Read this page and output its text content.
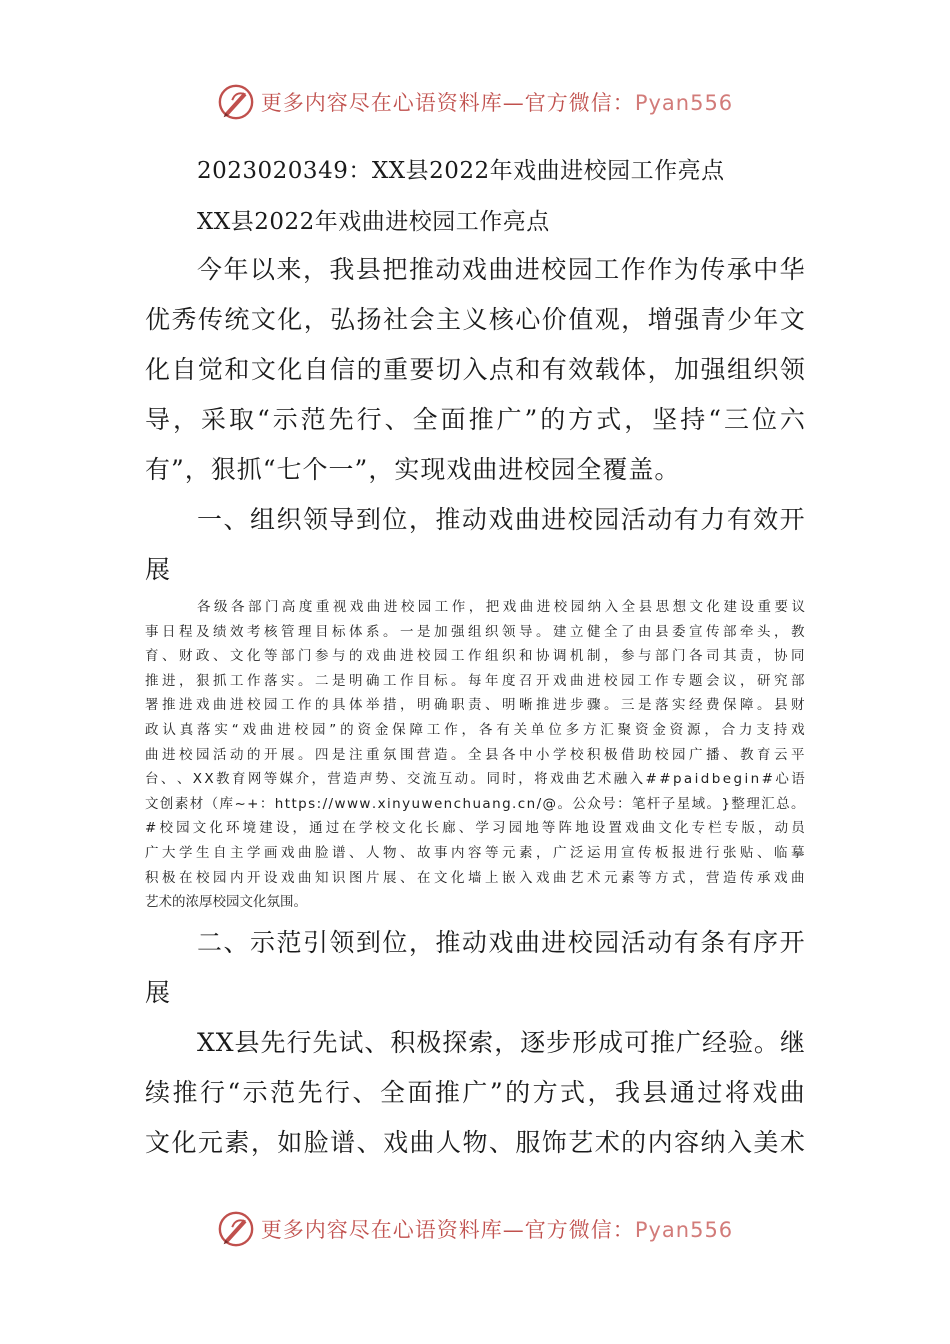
更多内容尽在心语资料库—官方微信：Pyan556
2023020349：XX县2022年戏曲进校园工作亮点
XX县2022年戏曲进校园工作亮点
今 年 以 来 ， 我 县 把 推 动 戏 曲 进 校 园 工 作 作 为 传 承 中 华
优 秀 传 统 文 化 ， 弘 扬 社 会 主 义 核 心 价 值 观 ， 增 强 青 少 年 文
化 自 觉 和 文 化 自 信 的 重 要 切 入 点 和 有 效 载 体 ， 加 强 组 织 领
导 ， 采 取 “ 示 范 先 行 、 全 面 推 广 ” 的 方 式 ， 坚 持 “ 三 位 六
有”，狠抓“七个一”，实现戏曲进校园全覆盖。
一 、 组 织 领 导 到 位 ， 推 动 戏 曲 进 校 园 活 动 有 力 有 效 开
展
各 级 各 部 门 高 度 重 视 戏 曲 进 校 园 工 作 ， 把 戏 曲 进 校 园 纳 入 全 县 思 想 文 化 建 设 重 要 议
事 日 程 及 绩 效 考 核 管 理 目 标 体 系 。 一 是 加 强 组 织 领 导 。 建 立 健 全 了 由 县 委 宣 传 部 牵 头 ， 教
育 、 财 政 、 文 化 等 部 门 参 与 的 戏 曲 进 校 园 工 作 组 织 和 协 调 机 制 ， 参 与 部 门 各 司 其 责 ， 协 同
推 进 ， 狠 抓 工 作 落 实 。 二 是 明 确 工 作 目 标 。 每 年 度 召 开 戏 曲 进 校 园 工 作 专 题 会 议 ， 研 究 部
署 推 进 戏 曲 进 校 园 工 作 的 具 体 举 措 ， 明 确 职 责 、 明 晰 推 进 步 骤 。 三 是 落 实 经 费 保 障 。 县 财
政 认 真 落 实 “ 戏 曲 进 校 园 ” 的 资 金 保 障 工 作 ， 各 有 关 单 位 多 方 汇 聚 资 金 资 源 ， 合 力 支 持 戏
曲 进 校 园 活 动 的 开 展 。 四 是 注 重 氛 围 营 造 。 全 县 各 中 小 学 校 积 极 借 助 校 园 广 播 、 教 育 云 平
台 、 、 X X 教 育 网 等 媒 介 ， 营 造 声 势 、 交 流 互 动 。 同 时 ， 将 戏 曲 艺 术 融 入 # # p a i d b e g i n # 心 语
文 创 素 材 （ 库 ~ + ： h t t p s : / / w w w . x i n y u w e n c h u a n g . c n / @ 。 公 众 号 ： 笔 杆 子 星 域 。 } 整 理 汇 总 。
# 校 园 文 化 环 境 建 设 ， 通 过 在 学 校 文 化 长 廊 、 学 习 园 地 等 阵 地 设 置 戏 曲 文 化 专 栏 专 版 ， 动 员
广 大 学 生 自 主 学 画 戏 曲 脸 谱 、 人 物 、 故 事 内 容 等 元 素 ， 广 泛 运 用 宣 传 板 报 进 行 张 贴 、 临 摹
积 极 在 校 园 内 开 设 戏 曲 知 识 图 片 展 、 在 文 化 墙 上 嵌 入 戏 曲 艺 术 元 素 等 方 式 ， 营 造 传 承 戏 曲
艺术的浓厚校园文化氛围。
二 、 示 范 引 领 到 位 ， 推 动 戏 曲 进 校 园 活 动 有 条 有 序 开
展
X X 县 先 行 先 试 、 积 极 探 索 ， 逐 步 形 成 可 推 广 经 验 。 继
续 推 行 “ 示 范 先 行 、 全 面 推 广 ” 的 方 式 ， 我 县 通 过 将 戏 曲
文 化 元 素 ， 如 脸 谱 、 戏 曲 人 物 、 服 饰 艺 术 的 内 容 纳 入 美 术
更多内容尽在心语资料库—官方微信：Pyan556
